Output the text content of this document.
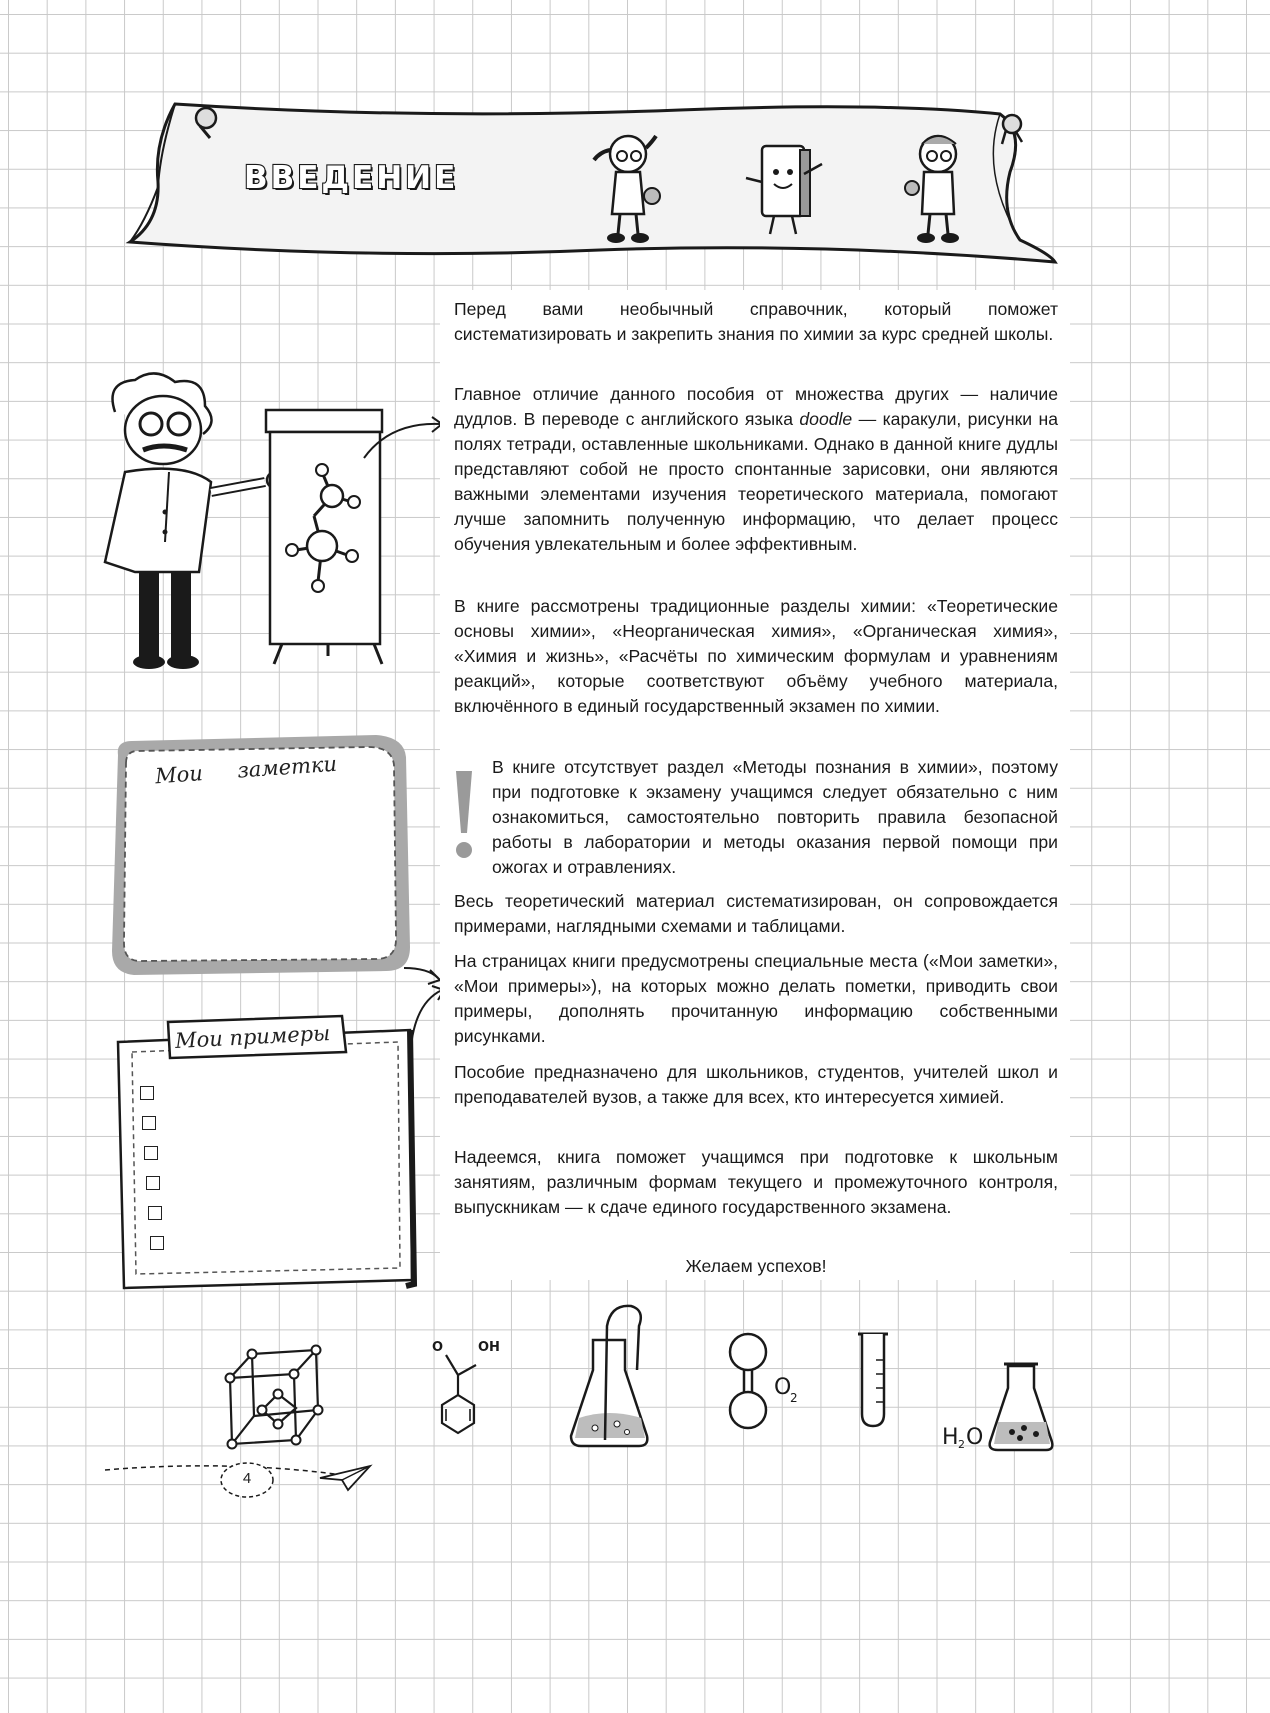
ВВЕДЕНИЕ
Мои заметки
Мои примеры

Перед вами необычный справочник, который поможет систематизировать и закрепить знания по химии за курс средней школы.

Главное отличие данного пособия от множества других — наличие дудлов. В переводе с английского языка doodle — каракули, рисунки на полях тетради, оставленные школьниками. Однако в данной книге дудлы представляют собой не просто спонтанные зарисовки, они являются важными элементами изучения теоретического материала, помогают лучше запомнить полученную информацию, что делает процесс обучения увлекательным и более эффективным.

В книге рассмотрены традиционные разделы химии: «Теоретические основы химии», «Неорганическая химия», «Органическая химия», «Химия и жизнь», «Расчёты по химическим формулам и уравнениям реакций», которые соответствуют объёму учебного материала, включённого в единый государственный экзамен по химии.

В книге отсутствует раздел «Методы познания в химии», поэтому при подготовке к экзамену учащимся следует обязательно с ним ознакомиться, самостоятельно повторить правила безопасной работы в лаборатории и методы оказания первой помощи при ожогах и отравлениях.

Весь теоретический материал систематизирован, он сопровождается примерами, наглядными схемами и таблицами.

На страницах книги предусмотрены специальные места («Мои заметки», «Мои примеры»), на которых можно делать пометки, приводить свои примеры, дополнять прочитанную информацию собственными рисунками.

Пособие предназначено для школьников, студентов, учителей школ и преподавателей вузов, а также для всех, кто интересуется химией.

Надеемся, книга поможет учащимся при подготовке к школьным занятиям, различным формам текущего и промежуточного контроля, выпускникам — к сдаче единого государственного экзамена.

Желаем успехов!
O	OH
O
2
H 2 O
4
